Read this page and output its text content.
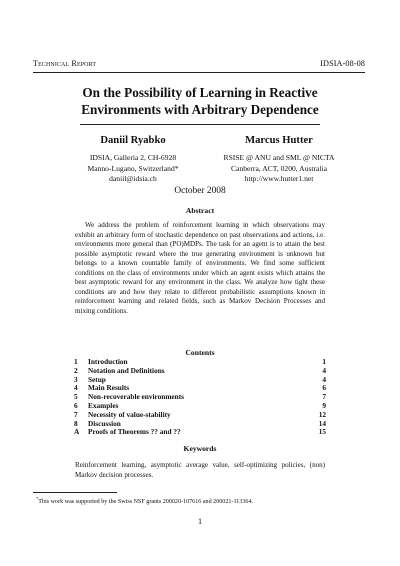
Technical Report	IDSIA-08-08
On the Possibility of Learning in Reactive
Environments with Arbitrary Dependence
Daniil Ryabko
IDSIA, Galleria 2, CH-6928
Manno-Lugano, Switzerland*
daniil@idsia.ch
Marcus Hutter
RSISE @ ANU and SML @ NICTA
Canberra, ACT, 0200, Australia
http://www.hutter1.net
October 2008
Abstract
We address the problem of reinforcement learning in which observations may exhibit an arbitrary form of stochastic dependence on past observations and actions, i.e. environments more general than (PO)MDPs. The task for an agent is to attain the best possible asymptotic reward where the true generating environment is unknown but belongs to a known countable family of environments. We find some sufficient conditions on the class of environments under which an agent exists which attains the best asymptotic reward for any environment in the class. We analyze how tight these conditions are and how they relate to different probabilistic assumptions known in reinforcement learning and related fields, such as Markov Decision Processes and mixing conditions.
Contents
1	Introduction	1
2	Notation and Definitions	4
3	Setup	4
4	Main Results	6
5	Non-recoverable environments	7
6	Examples	9
7	Necessity of value-stability	12
8	Discussion	14
A	Proofs of Theorems ?? and ??	15
Keywords
Reinforcement learning, asymptotic average value, self-optimizing policies, (non) Markov decision processes.
*This work was supported by the Swiss NSF grants 200020-107616 and 200021-113364.
1
